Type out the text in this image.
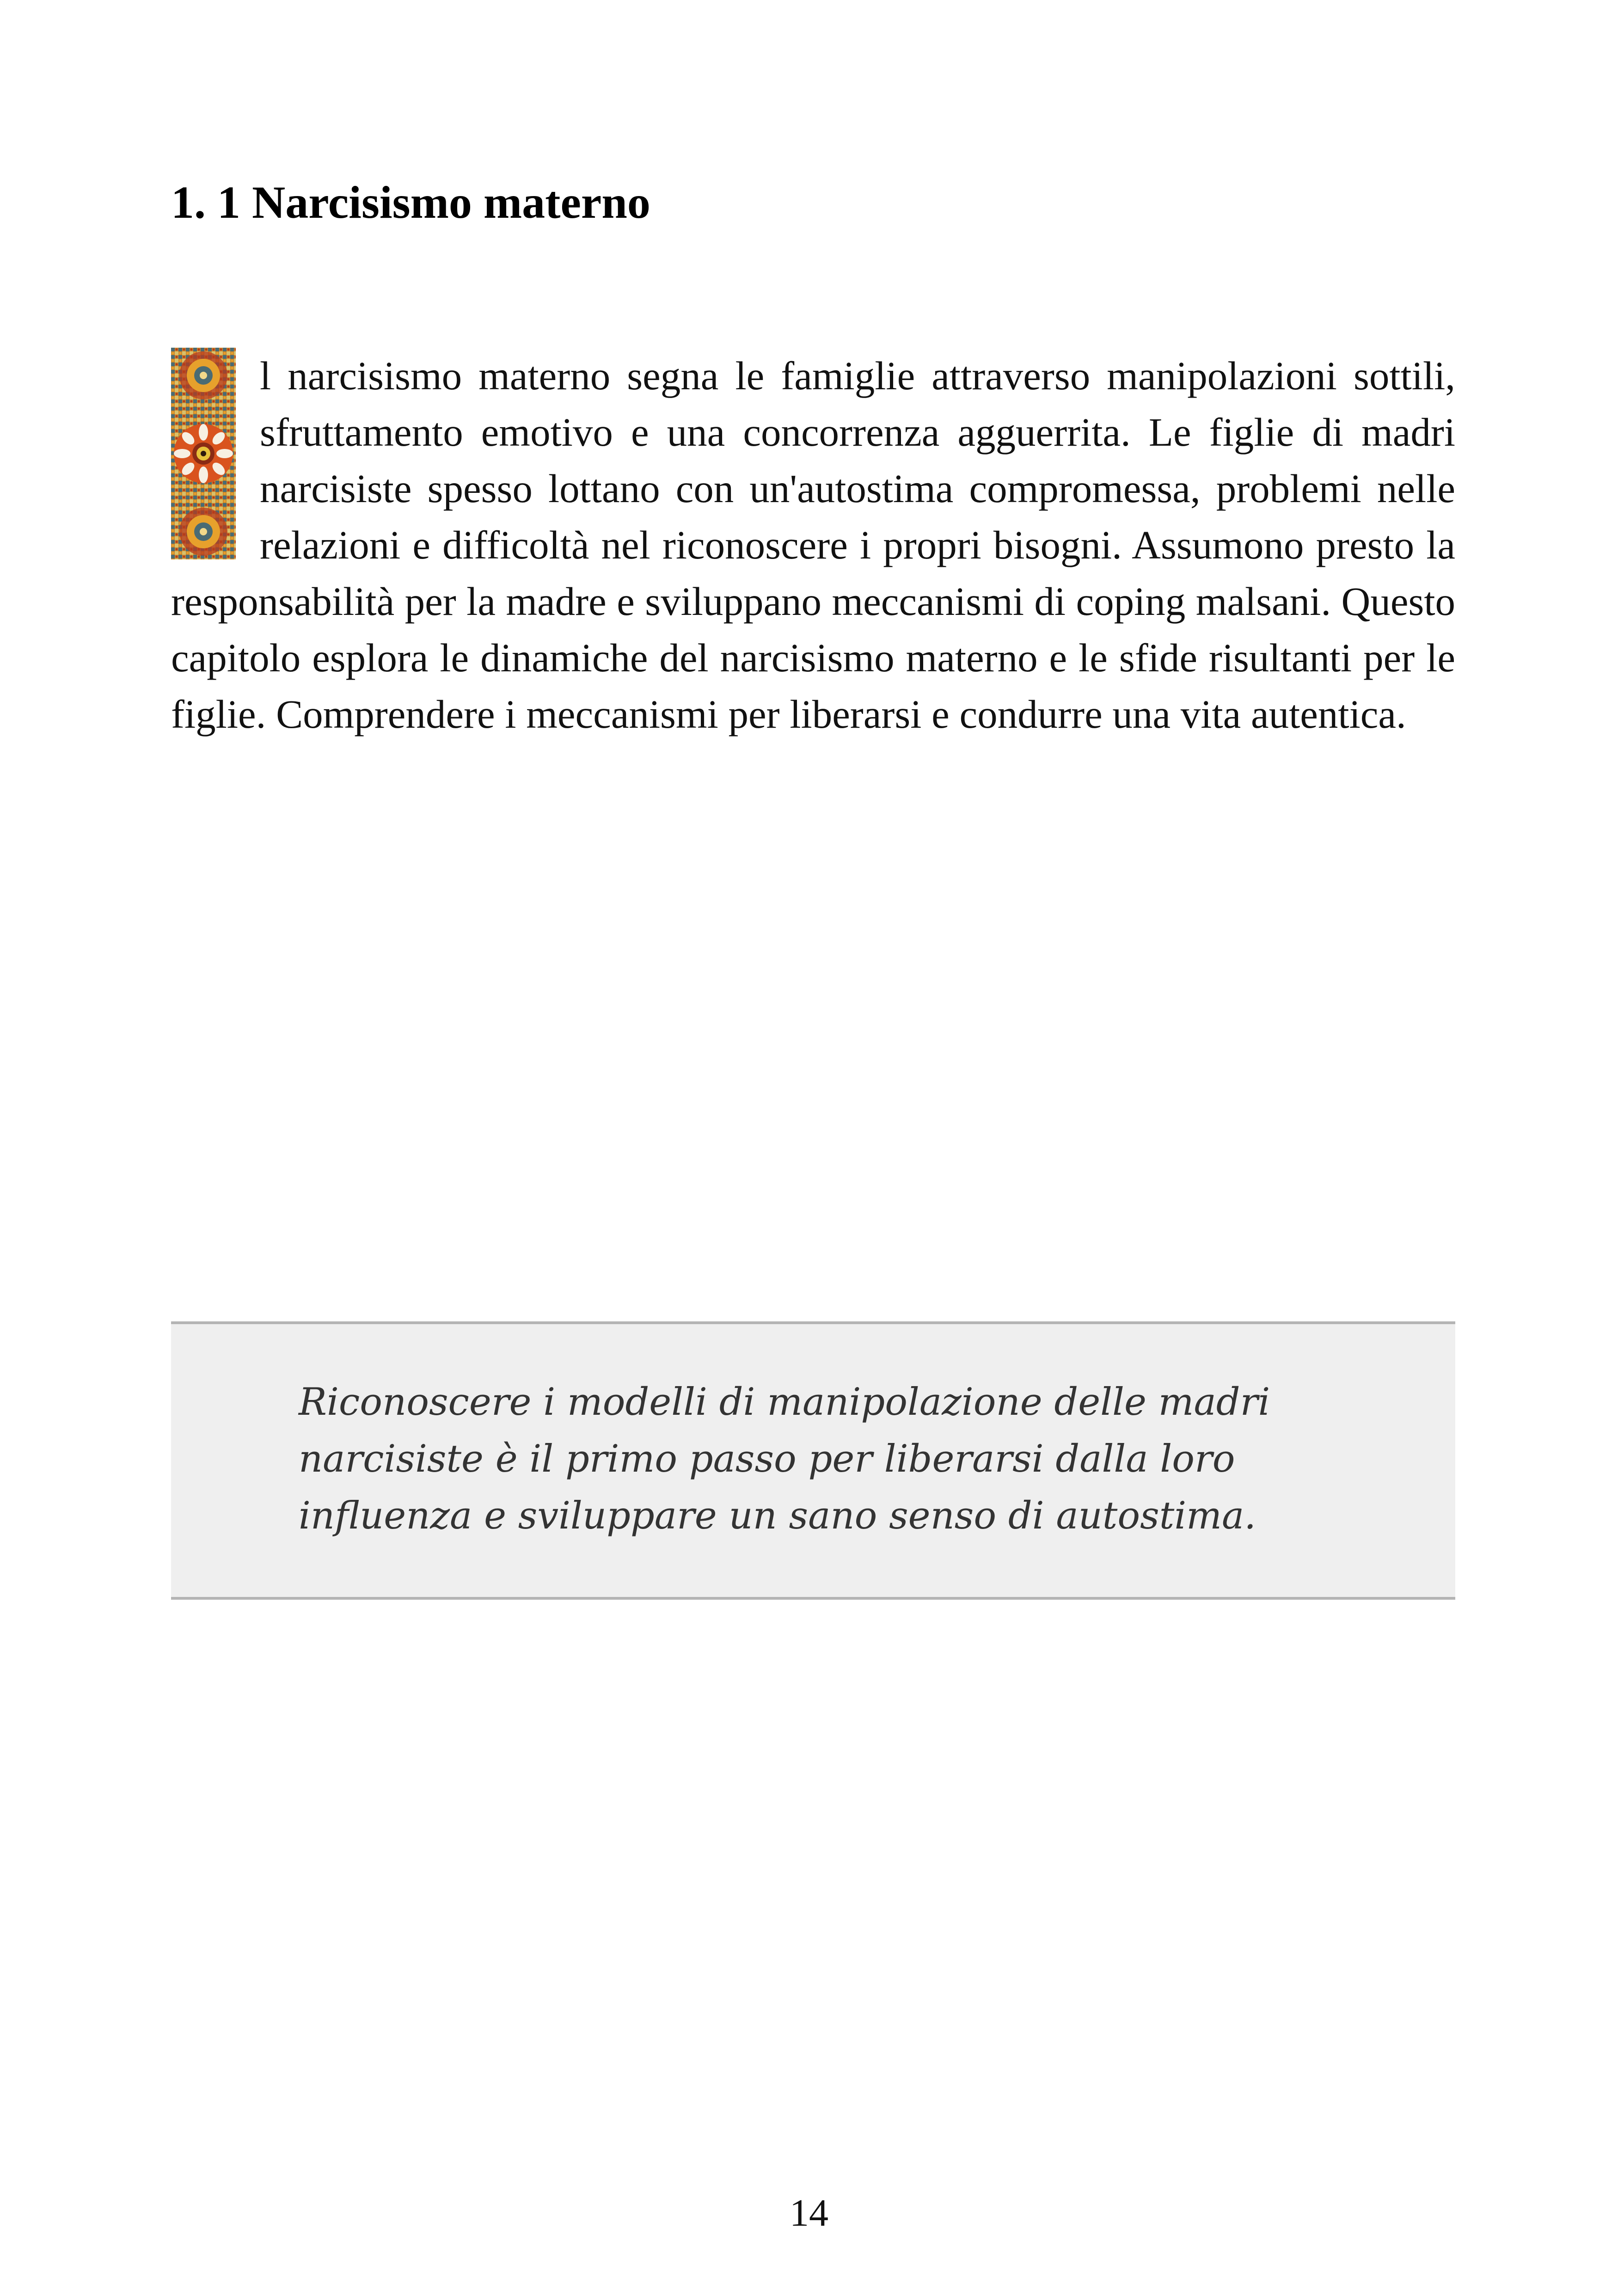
1. 1 Narcisismo materno

l narcisismo materno segna le famiglie attraverso manipolazioni sottili, sfruttamento emotivo e una concorrenza agguerrita. Le figlie di madri narcisiste spesso lottano con un'autostima compromessa, problemi nelle relazioni e difficoltà nel riconoscere i propri bisogni. Assumono presto la responsabilità per la madre e sviluppano meccanismi di coping malsani. Questo capitolo esplora le dinamiche del narcisismo materno e le sfide risultanti per le figlie. Comprendere i meccanismi per liberarsi e condurre una vita autentica.

Riconoscere i modelli di manipolazione delle madri narcisiste è il primo passo per liberarsi dalla loro influenza e sviluppare un sano senso di autostima.

14
